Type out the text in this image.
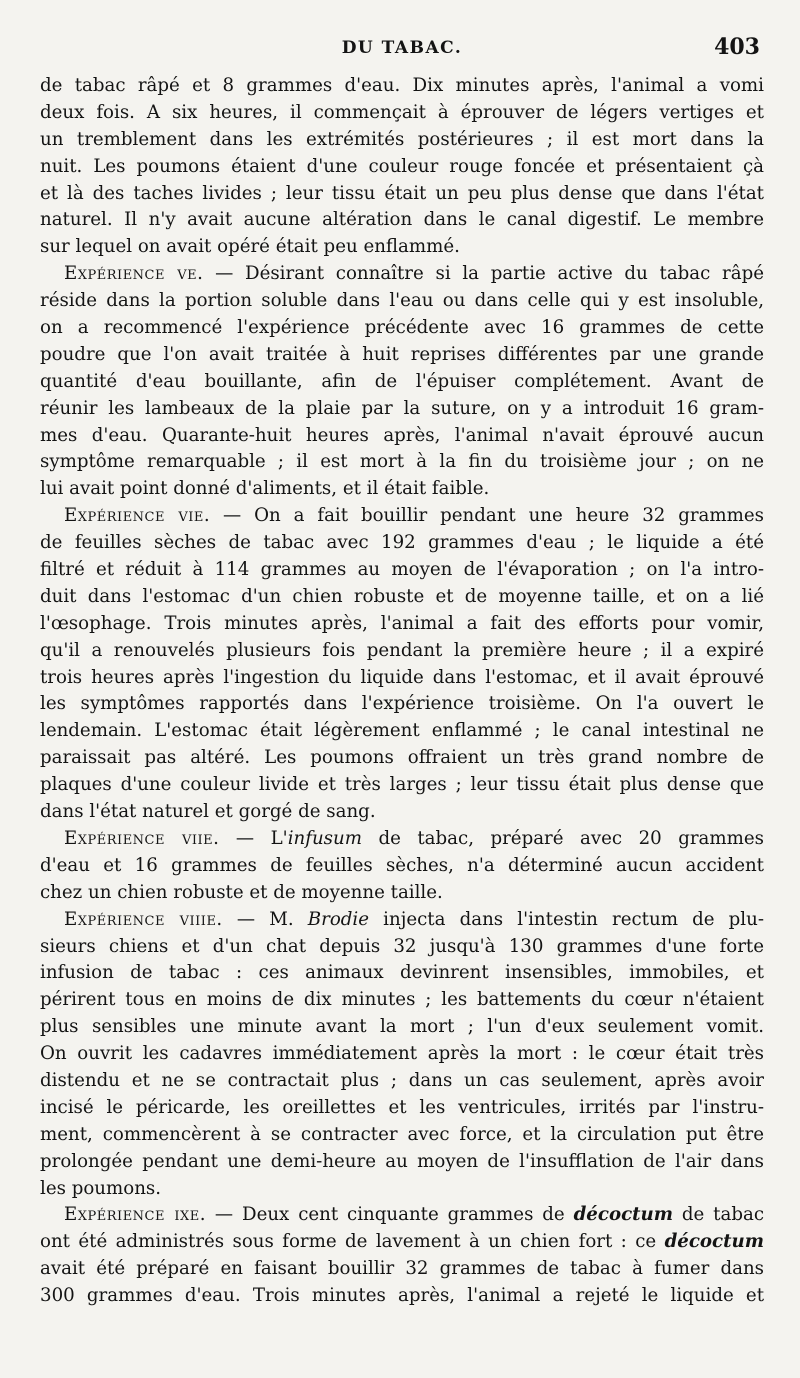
DU TABAC.	403
de tabac râpé et 8 grammes d'eau. Dix minutes après, l'animal a vomi
deux fois. A six heures, il commençait à éprouver de légers vertiges et
un tremblement dans les extrémités postérieures ; il est mort dans la
nuit. Les poumons étaient d'une couleur rouge foncée et présentaient çà
et là des taches livides ; leur tissu était un peu plus dense que dans l'état
naturel. Il n'y avait aucune altération dans le canal digestif. Le membre
sur lequel on avait opéré était peu enflammé.
Expérience ve. — Désirant connaître si la partie active du tabac râpé
réside dans la portion soluble dans l'eau ou dans celle qui y est insoluble,
on a recommencé l'expérience précédente avec 16 grammes de cette
poudre que l'on avait traitée à huit reprises différentes par une grande
quantité d'eau bouillante, afin de l'épuiser complétement. Avant de
réunir les lambeaux de la plaie par la suture, on y a introduit 16 gram-
mes d'eau. Quarante-huit heures après, l'animal n'avait éprouvé aucun
symptôme remarquable ; il est mort à la fin du troisième jour ; on ne
lui avait point donné d'aliments, et il était faible.
Expérience vie. — On a fait bouillir pendant une heure 32 grammes
de feuilles sèches de tabac avec 192 grammes d'eau ; le liquide a été
filtré et réduit à 114 grammes au moyen de l'évaporation ; on l'a intro-
duit dans l'estomac d'un chien robuste et de moyenne taille, et on a lié
l'œsophage. Trois minutes après, l'animal a fait des efforts pour vomir,
qu'il a renouvelés plusieurs fois pendant la première heure ; il a expiré
trois heures après l'ingestion du liquide dans l'estomac, et il avait éprouvé
les symptômes rapportés dans l'expérience troisième. On l'a ouvert le
lendemain. L'estomac était légèrement enflammé ; le canal intestinal ne
paraissait pas altéré. Les poumons offraient un très grand nombre de
plaques d'une couleur livide et très larges ; leur tissu était plus dense que
dans l'état naturel et gorgé de sang.
Expérience viie. — L'infusum de tabac, préparé avec 20 grammes
d'eau et 16 grammes de feuilles sèches, n'a déterminé aucun accident
chez un chien robuste et de moyenne taille.
Expérience viiie. — M. Brodie injecta dans l'intestin rectum de plu-
sieurs chiens et d'un chat depuis 32 jusqu'à 130 grammes d'une forte
infusion de tabac : ces animaux devinrent insensibles, immobiles, et
périrent tous en moins de dix minutes ; les battements du cœur n'étaient
plus sensibles une minute avant la mort ; l'un d'eux seulement vomit.
On ouvrit les cadavres immédiatement après la mort : le cœur était très
distendu et ne se contractait plus ; dans un cas seulement, après avoir
incisé le péricarde, les oreillettes et les ventricules, irrités par l'instru-
ment, commencèrent à se contracter avec force, et la circulation put être
prolongée pendant une demi-heure au moyen de l'insufflation de l'air dans
les poumons.
Expérience ixe. — Deux cent cinquante grammes de décoctum de tabac
ont été administrés sous forme de lavement à un chien fort : ce décoctum
avait été préparé en faisant bouillir 32 grammes de tabac à fumer dans
300 grammes d'eau. Trois minutes après, l'animal a rejeté le liquide et
